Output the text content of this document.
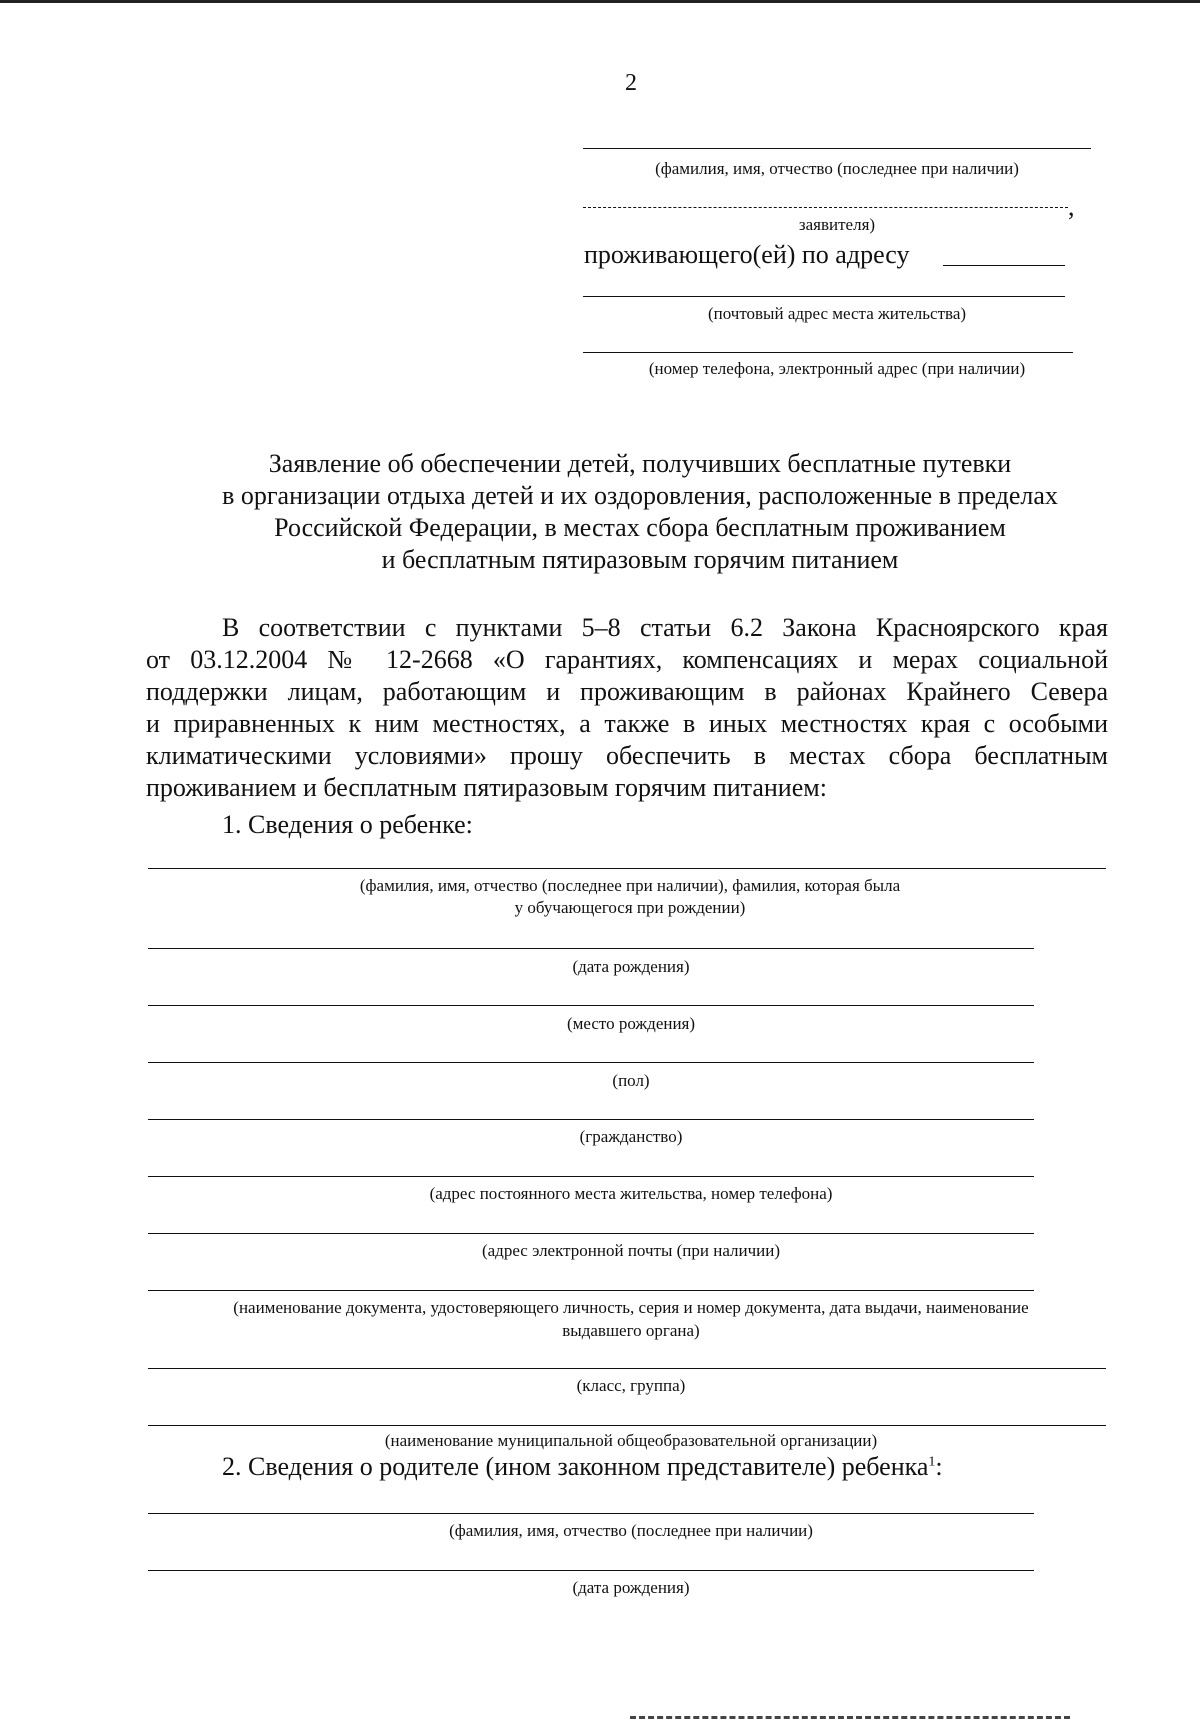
2
(фамилия, имя, отчество (последнее при наличии)
,
заявителя)
проживающего(ей) по адресу
(почтовый адрес места жительства)
(номер телефона, электронный адрес (при наличии)
Заявление об обеспечении детей, получивших бесплатные путевки
в организации отдыха детей и их оздоровления, расположенные в пределах
Российской Федерации, в местах сбора бесплатным проживанием
и бесплатным пятиразовым горячим питанием
В соответствии с пунктами 5–8 статьи 6.2 Закона Красноярского края
от 03.12.2004 № 12-2668 «О гарантиях, компенсациях и мерах социальной
поддержки лицам, работающим и проживающим в районах Крайнего Севера
и приравненных к ним местностях, а также в иных местностях края с особыми
климатическими условиями» прошу обеспечить в местах сбора бесплатным
проживанием и бесплатным пятиразовым горячим питанием:
1. Сведения о ребенке:
(фамилия, имя, отчество (последнее при наличии), фамилия, которая была
у обучающегося при рождении)
(дата рождения)
(место рождения)
(пол)
(гражданство)
(адрес постоянного места жительства, номер телефона)
(адрес электронной почты (при наличии)
(наименование документа, удостоверяющего личность, серия и номер документа, дата выдачи, наименование
выдавшего органа)
(класс, группа)
(наименование муниципальной общеобразовательной организации)
2. Сведения о родителе (ином законном представителе) ребенка$^1$:
(фамилия, имя, отчество (последнее при наличии)
(дата рождения)
